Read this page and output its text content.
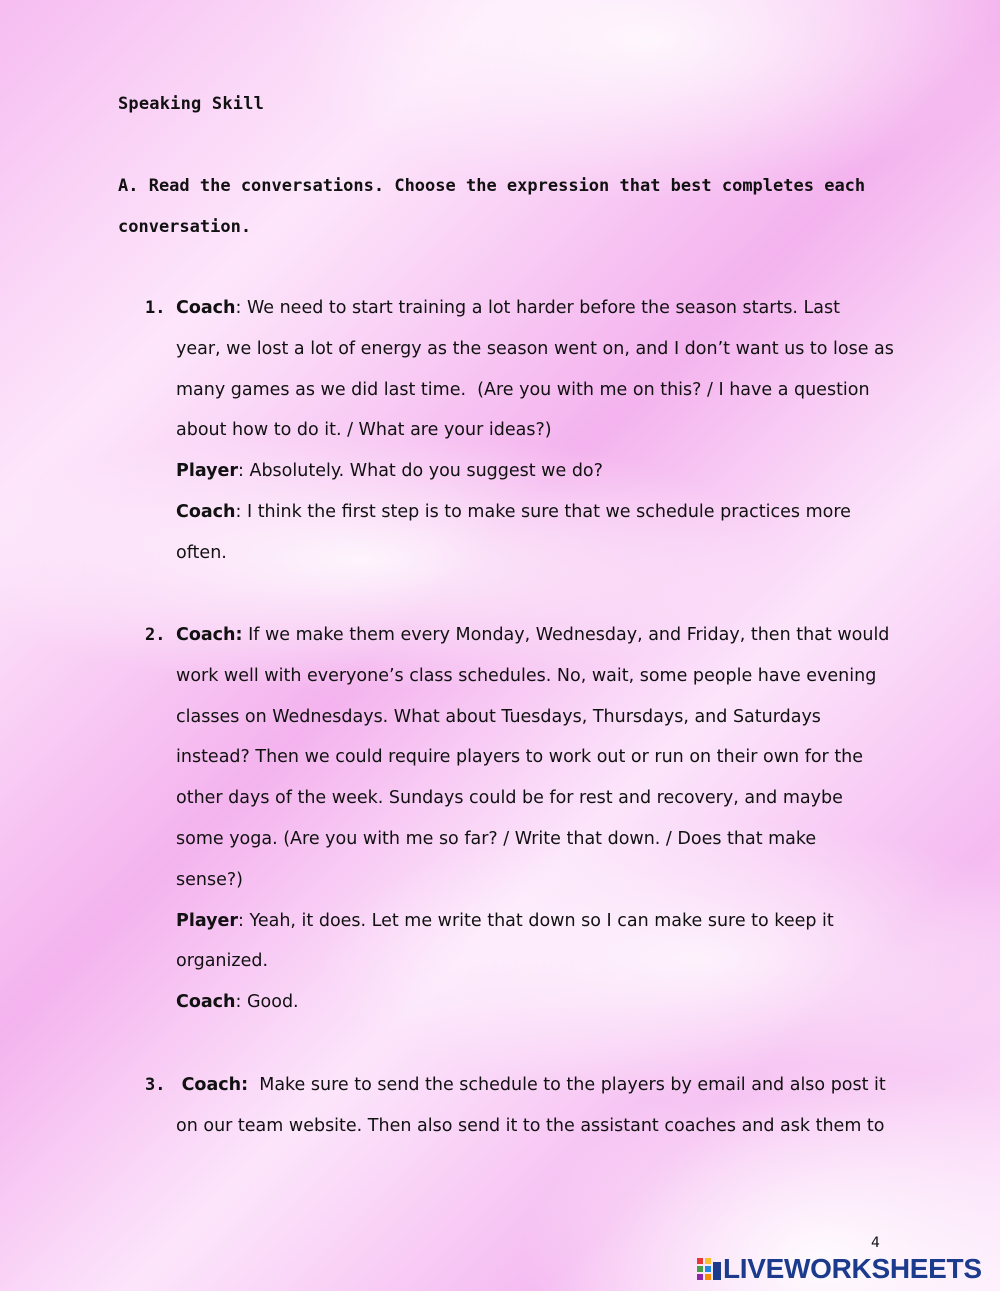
Speaking Skill
A. Read the conversations. Choose the expression that best completes each
conversation.
1. Coach: We need to start training a lot harder before the season starts. Last
year, we lost a lot of energy as the season went on, and I don’t want us to lose as
many games as we did last time.  (Are you with me on this? / I have a question
about how to do it. / What are your ideas?)
Player: Absolutely. What do you suggest we do?
Coach: I think the first step is to make sure that we schedule practices more
often.
2. Coach: If we make them every Monday, Wednesday, and Friday, then that would
work well with everyone’s class schedules. No, wait, some people have evening
classes on Wednesdays. What about Tuesdays, Thursdays, and Saturdays
instead? Then we could require players to work out or run on their own for the
other days of the week. Sundays could be for rest and recovery, and maybe
some yoga. (Are you with me so far? / Write that down. / Does that make
sense?)
Player: Yeah, it does. Let me write that down so I can make sure to keep it
organized.
Coach: Good.
3. Coach:  Make sure to send the schedule to the players by email and also post it
on our team website. Then also send it to the assistant coaches and ask them to
4
LIVEWORKSHEETS
